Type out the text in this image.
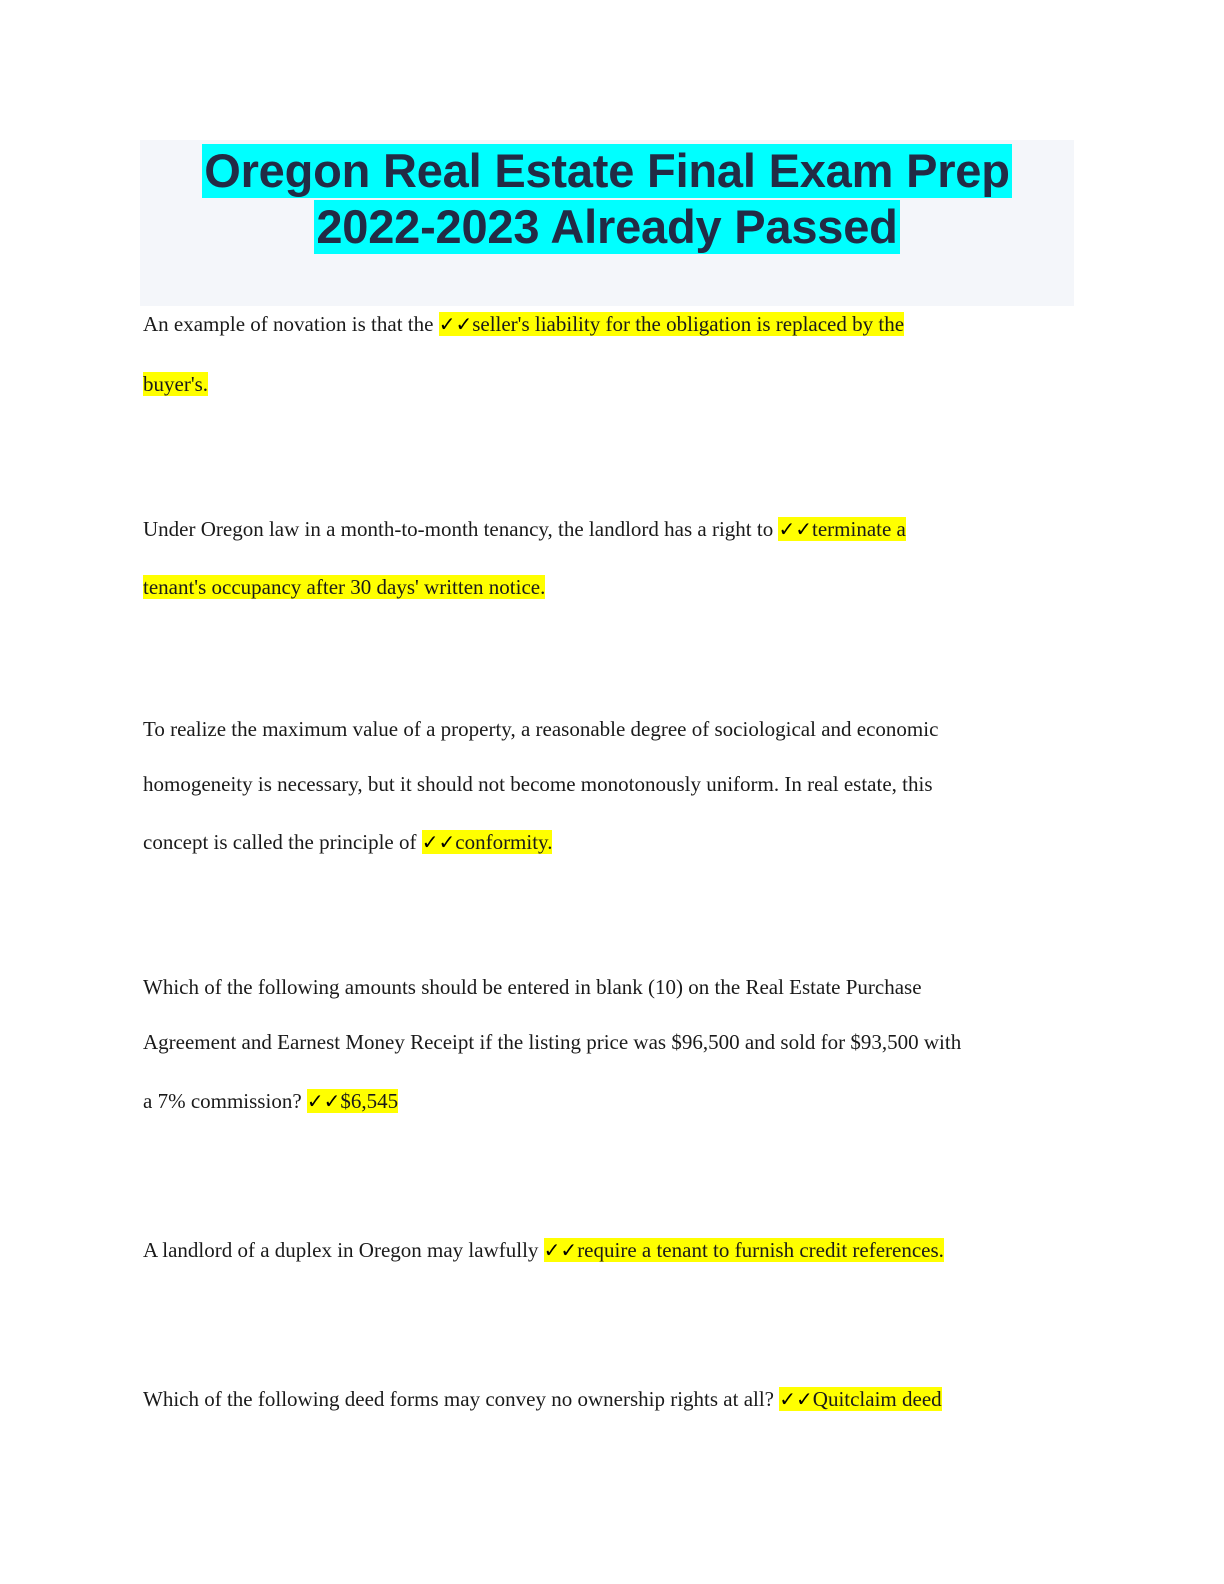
Oregon Real Estate Final Exam Prep
2022-2023 Already Passed
An example of novation is that the ✓✓seller's liability for the obligation is replaced by the
buyer's.
Under Oregon law in a month-to-month tenancy, the landlord has a right to ✓✓terminate a
tenant's occupancy after 30 days' written notice.
To realize the maximum value of a property, a reasonable degree of sociological and economic
homogeneity is necessary, but it should not become monotonously uniform. In real estate, this
concept is called the principle of ✓✓conformity.
Which of the following amounts should be entered in blank (10) on the Real Estate Purchase
Agreement and Earnest Money Receipt if the listing price was $96,500 and sold for $93,500 with
a 7% commission? ✓✓$6,545
A landlord of a duplex in Oregon may lawfully ✓✓require a tenant to furnish credit references.
Which of the following deed forms may convey no ownership rights at all? ✓✓Quitclaim deed
